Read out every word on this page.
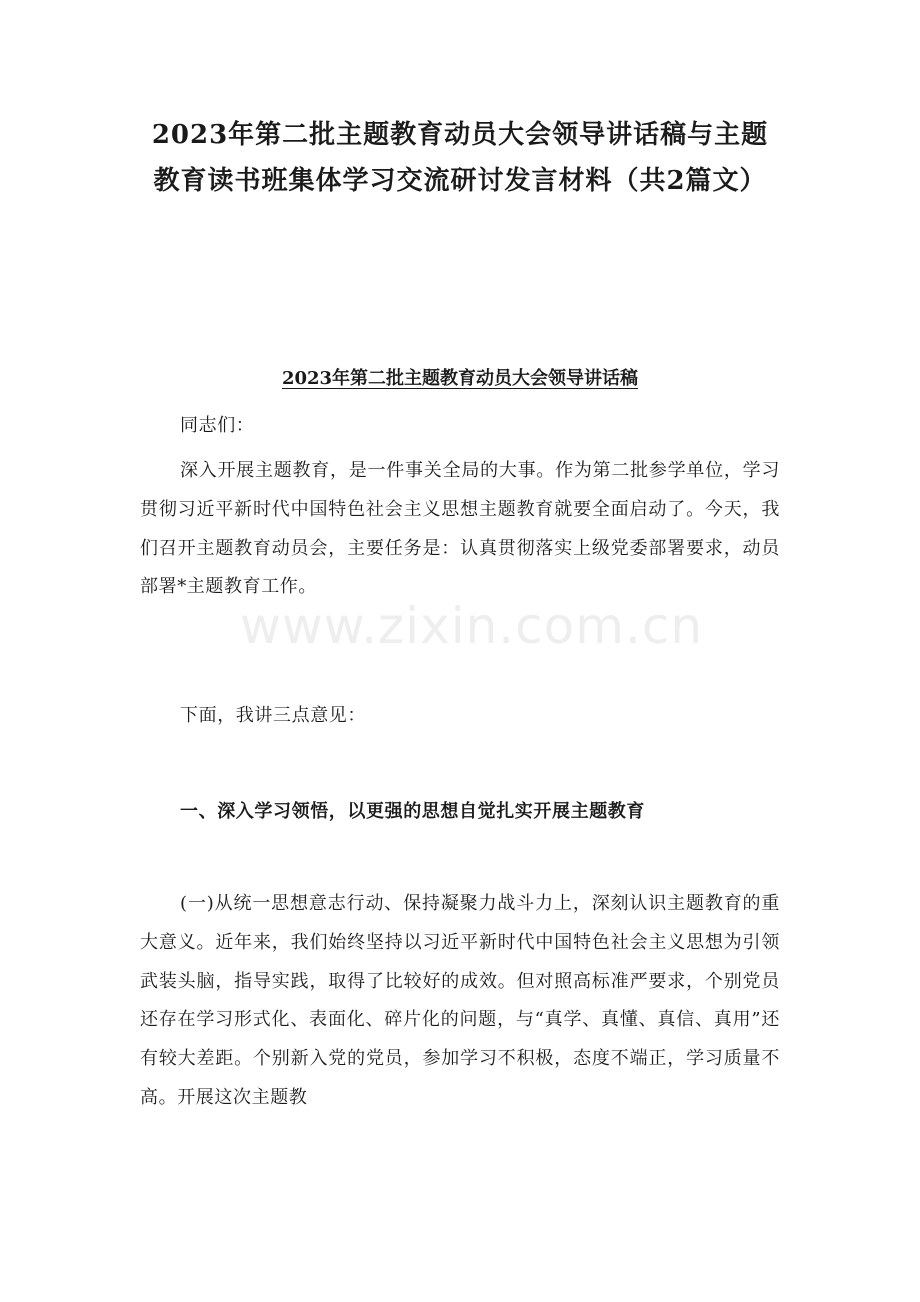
2023年第二批主题教育动员大会领导讲话稿与主题
教育读书班集体学习交流研讨发言材料（共2篇文）
2023年第二批主题教育动员大会领导讲话稿

同志们：

深入开展主题教育，是一件事关全局的大事。作为第二批参学单位，学习贯彻习近平新时代中国特色社会主义思想主题教育就要全面启动了。今天，我们召开主题教育动员会，主要任务是：认真贯彻落实上级党委部署要求，动员部署*主题教育工作。

www.zixin.com.cn

下面，我讲三点意见：

一、深入学习领悟，以更强的思想自觉扎实开展主题教育

(一)从统一思想意志行动、保持凝聚力战斗力上，深刻认识主题教育的重大意义。近年来，我们始终坚持以习近平新时代中国特色社会主义思想为引领武装头脑，指导实践，取得了比较好的成效。但对照高标准严要求，个别党员还存在学习形式化、表面化、碎片化的问题，与“真学、真懂、真信、真用”还有较大差距。个别新入党的党员，参加学习不积极，态度不端正，学习质量不高。开展这次主题教
